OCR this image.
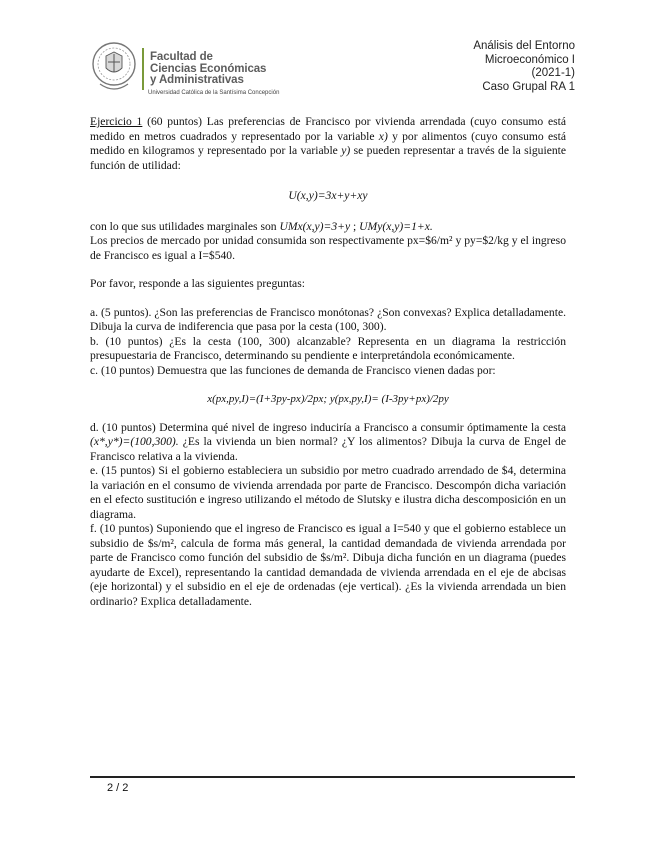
Facultad de
Ciencias Económicas
y Administrativas
Universidad Católica de la Santísima Concepción
Análisis del Entorno
Microeconómico I
(2021-1)
Caso Grupal RA 1

Ejercicio 1 (60 puntos) Las preferencias de Francisco por vivienda arrendada (cuyo consumo está medido en metros cuadrados y representado por la variable x) y por alimentos (cuyo consumo está medido en kilogramos y representado por la variable y) se pueden representar a través de la siguiente función de utilidad:

U(x,y)=3x+y+xy

con lo que sus utilidades marginales son UMx(x,y)=3+y ; UMy(x,y)=1+x.

Los precios de mercado por unidad consumida son respectivamente px=$6/m² y py=$2/kg y el ingreso de Francisco es igual a I=$540.

Por favor, responde a las siguientes preguntas:

a. (5 puntos). ¿Son las preferencias de Francisco monótonas? ¿Son convexas? Explica detalladamente. Dibuja la curva de indiferencia que pasa por la cesta (100, 300).

b. (10 puntos) ¿Es la cesta (100, 300) alcanzable? Representa en un diagrama la restricción presupuestaria de Francisco, determinando su pendiente e interpretándola económicamente.

c. (10 puntos) Demuestra que las funciones de demanda de Francisco vienen dadas por:

x(px,py,I)=(I+3py-px)/2px; y(px,py,I)= (I-3py+px)/2py

d. (10 puntos) Determina qué nivel de ingreso induciría a Francisco a consumir óptimamente la cesta (x*,y*)=(100,300). ¿Es la vivienda un bien normal? ¿Y los alimentos? Dibuja la curva de Engel de Francisco relativa a la vivienda.

e. (15 puntos) Si el gobierno estableciera un subsidio por metro cuadrado arrendado de $4, determina la variación en el consumo de vivienda arrendada por parte de Francisco. Descompón dicha variación en el efecto sustitución e ingreso utilizando el método de Slutsky e ilustra dicha descomposición en un diagrama.

f. (10 puntos) Suponiendo que el ingreso de Francisco es igual a I=540 y que el gobierno establece un subsidio de $s/m², calcula de forma más general, la cantidad demandada de vivienda arrendada por parte de Francisco como función del subsidio de $s/m². Dibuja dicha función en un diagrama (puedes ayudarte de Excel), representando la cantidad demandada de vivienda arrendada en el eje de abcisas (eje horizontal) y el subsidio en el eje de ordenadas (eje vertical). ¿Es la vivienda arrendada un bien ordinario? Explica detalladamente.

2 / 2
